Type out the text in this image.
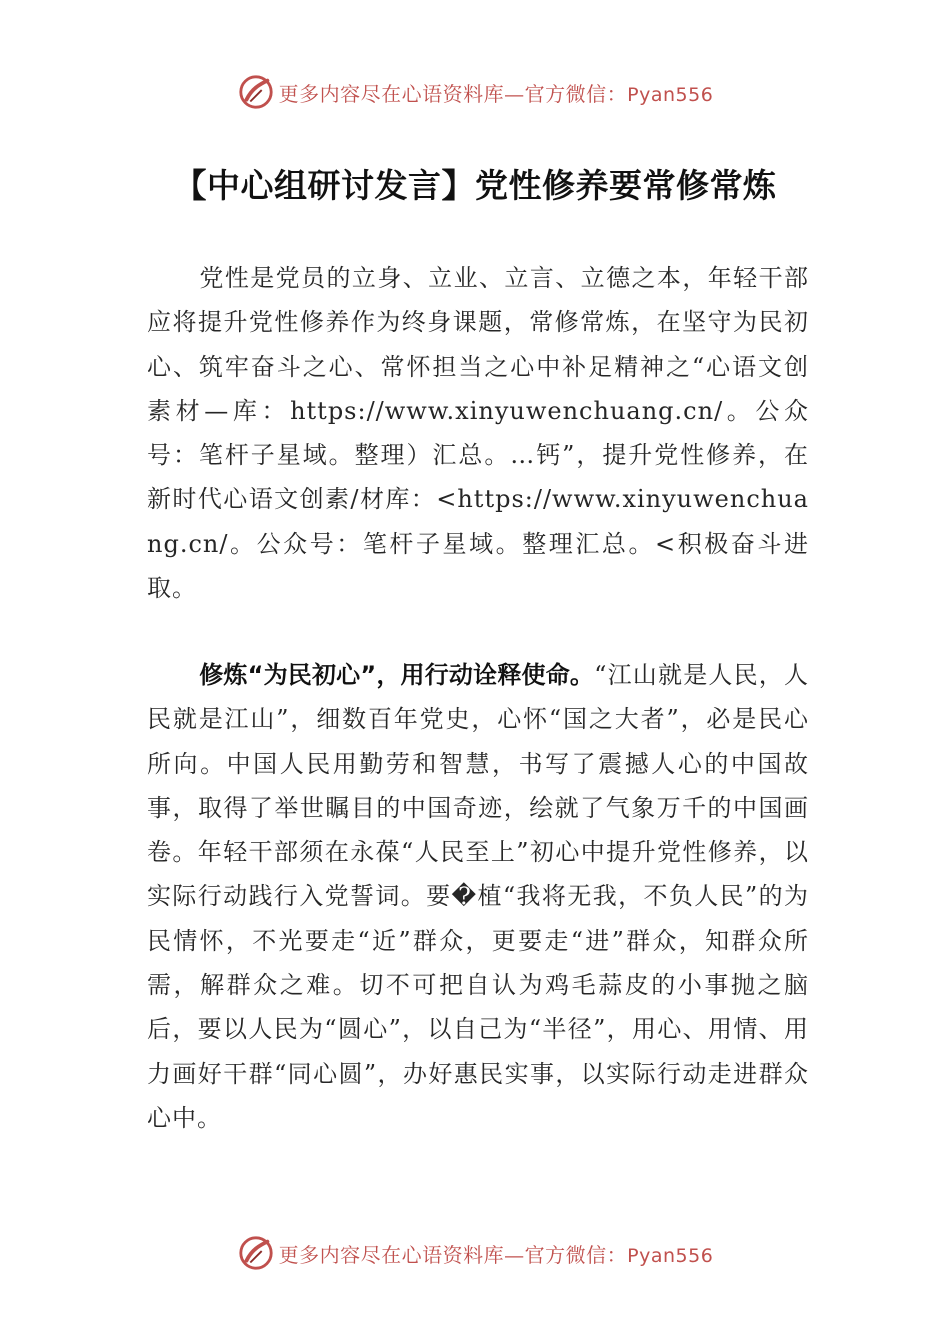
更多内容尽在心语资料库—官方微信：Pyan556
【中心组研讨发言】党性修养要常修常炼

党性是党员的立身、立业、立言、立德之本，年轻干部应将提升党性修养作为终身课题，常修常炼，在坚守为民初心、筑牢奋斗之心、常怀担当之心中补足精神之“心语文创素材—库：https://www.xinyuwenchuang.cn/。公众号：笔杆子星域。整理）汇总。…钙”，提升党性修养，在新时代心语文创素/材库：<https://www.xinyuwenchuang.cn/。公众号：笔杆子星域。整理汇总。<积极奋斗进取。

修炼“为民初心”，用行动诠释使命。“江山就是人民，人民就是江山”，细数百年党史，心怀“国之大者”，必是民心所向。中国人民用勤劳和智慧，书写了震撼人心的中国故事，取得了举世瞩目的中国奇迹，绘就了气象万千的中国画卷。年轻干部须在永葆“人民至上”初心中提升党性修养，以实际行动践行入党誓词。要�植“我将无我，不负人民”的为民情怀，不光要走“近”群众，更要走“进”群众，知群众所需，解群众之难。切不可把自认为鸡毛蒜皮的小事抛之脑后，要以人民为“圆心”，以自己为“半径”，用心、用情、用力画好干群“同心圆”，办好惠民实事，以实际行动走进群众心中。

更多内容尽在心语资料库—官方微信：Pyan556
